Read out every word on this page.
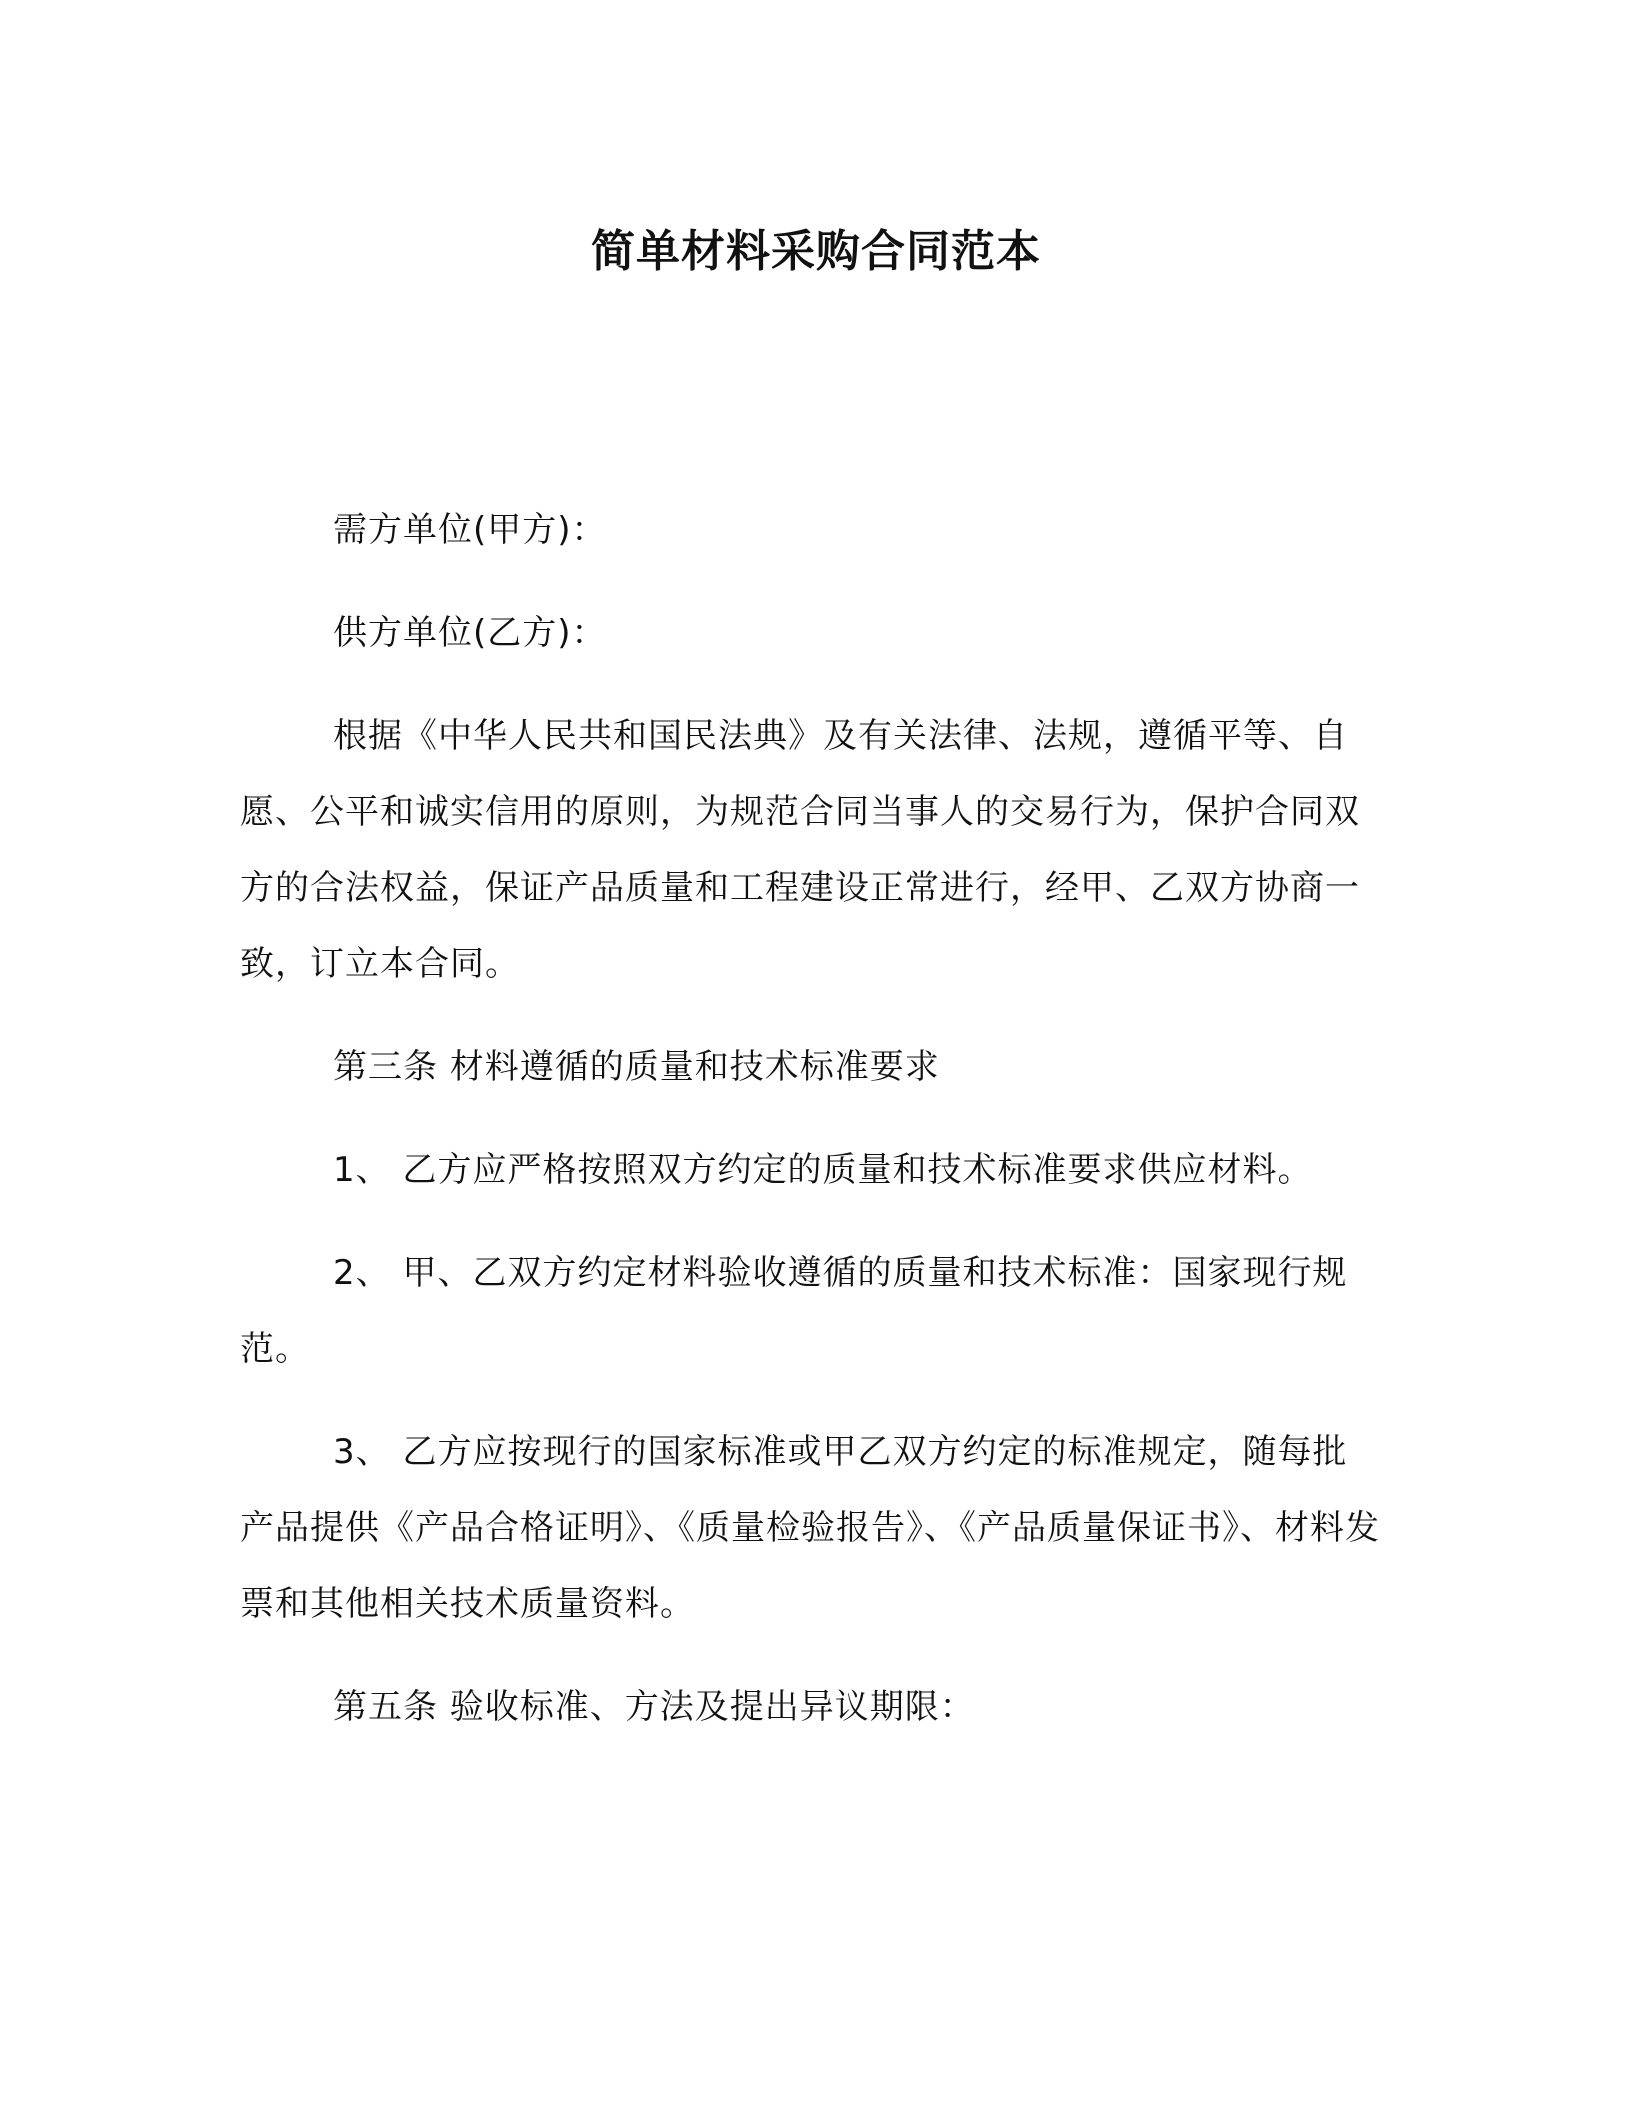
简单材料采购合同范本

需方单位(甲方)：

供方单位(乙方)：

根据《中华人民共和国民法典》及有关法律、法规，遵循平等、自愿、公平和诚实信用的原则，为规范合同当事人的交易行为，保护合同双方的合法权益，保证产品质量和工程建设正常进行，经甲、乙双方协商一致，订立本合同。

第三条 材料遵循的质量和技术标准要求

1、 乙方应严格按照双方约定的质量和技术标准要求供应材料。

2、 甲、乙双方约定材料验收遵循的质量和技术标准：国家现行规范。

3、 乙方应按现行的国家标准或甲乙双方约定的标准规定，随每批产品提供《产品合格证明》、《质量检验报告》、《产品质量保证书》、材料发票和其他相关技术质量资料。

第五条 验收标准、方法及提出异议期限：
